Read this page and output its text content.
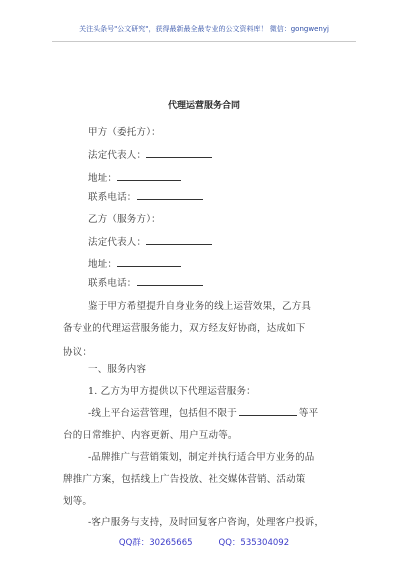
关注头条号"公文研究"，获得最新最全最专业的公文资料库！ 微信：gongwenyj
代理运营服务合同
甲方（委托方）：
法定代表人：
地址：
联系电话：
乙方（服务方）：
法定代表人：
地址：
联系电话：
鉴于甲方希望提升自身业务的线上运营效果，乙方具
备专业的代理运营服务能力，双方经友好协商，达成如下
协议：
一、服务内容
1. 乙方为甲方提供以下代理运营服务：
-线上平台运营管理，包括但不限于	等平
台的日常维护、内容更新、用户互动等。
-品牌推广与营销策划，制定并执行适合甲方业务的品
牌推广方案，包括线上广告投放、社交媒体营销、活动策
划等。
-客户服务与支持，及时回复客户咨询，处理客户投诉，
QQ群：30265665	QQ：535304092
